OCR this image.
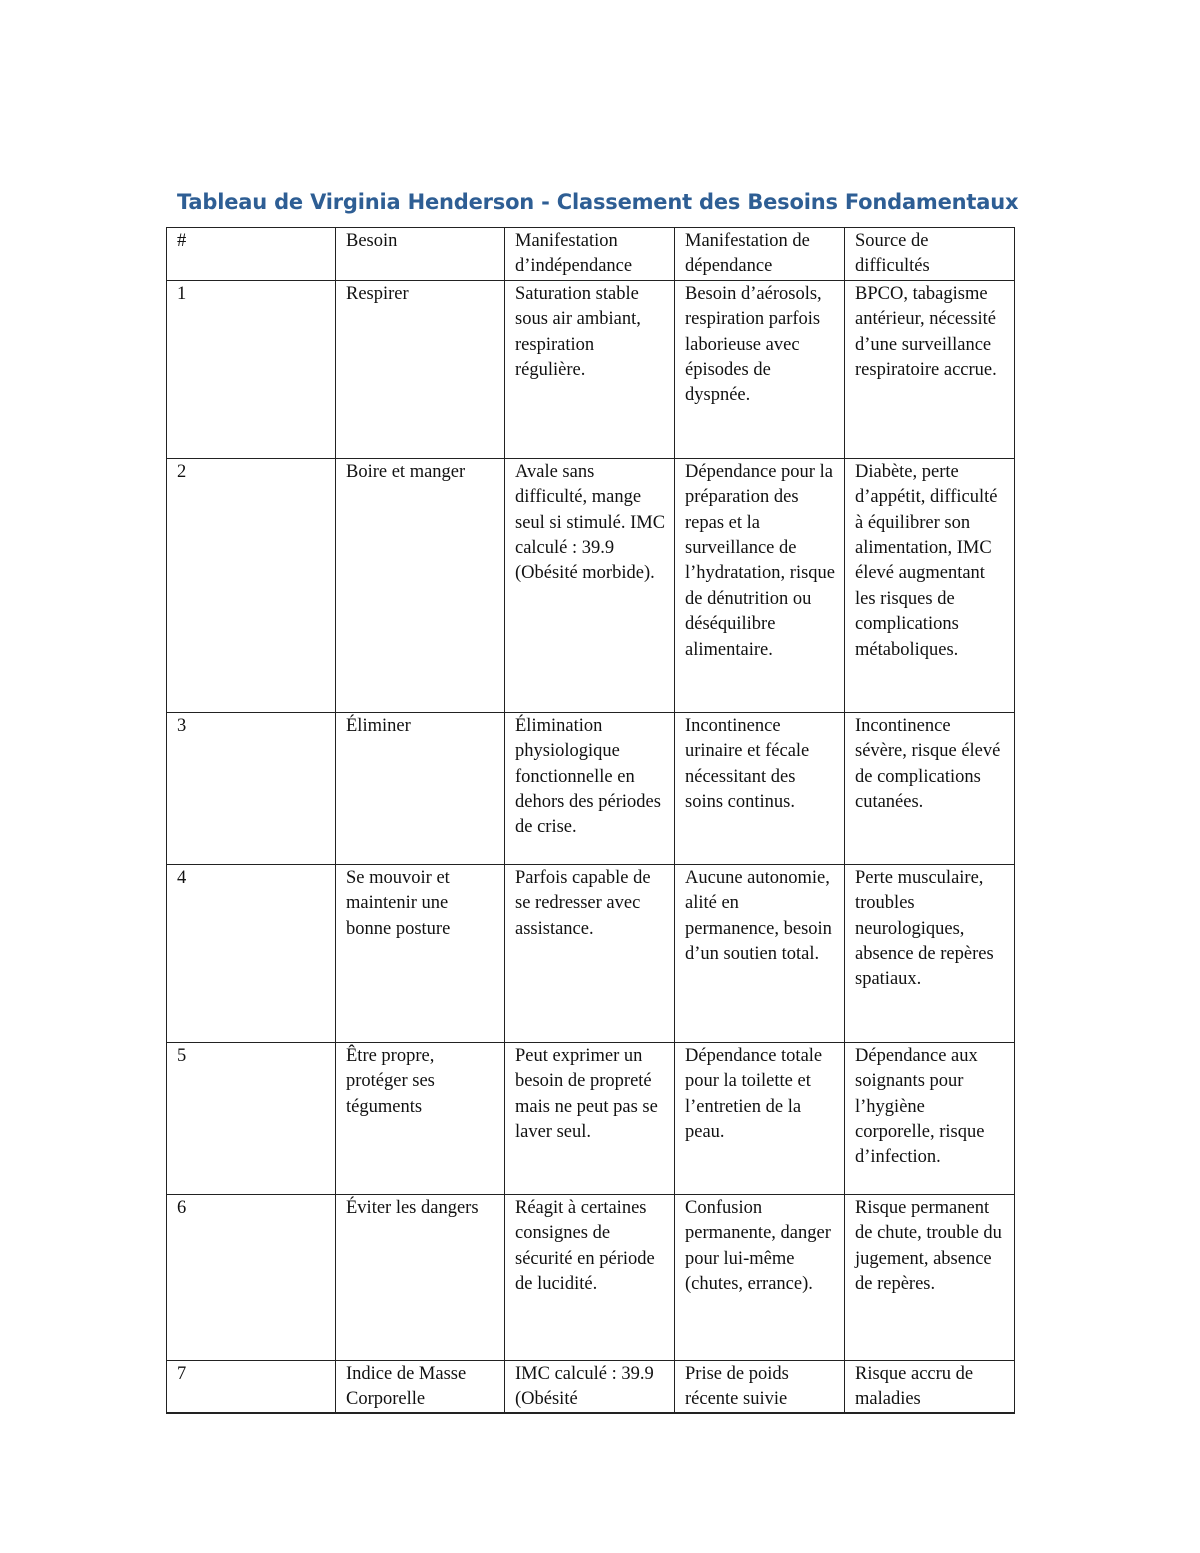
Tableau de Virginia Henderson - Classement des Besoins Fondamentaux
#	Besoin	Manifestation d’indépendance	Manifestation de dépendance	Source de difficultés
1	Respirer	Saturation stable sous air ambiant, respiration régulière.	Besoin d’aérosols, respiration parfois laborieuse avec épisodes de dyspnée.	BPCO, tabagisme antérieur, nécessité d’une surveillance respiratoire accrue.
2	Boire et manger	Avale sans difficulté, mange seul si stimulé. IMC calculé : 39.9 (Obésité morbide).	Dépendance pour la préparation des repas et la surveillance de l’hydratation, risque de dénutrition ou déséquilibre alimentaire.	Diabète, perte d’appétit, difficulté à équilibrer son alimentation, IMC élevé augmentant les risques de complications métaboliques.
3	Éliminer	Élimination physiologique fonctionnelle en dehors des périodes de crise.	Incontinence urinaire et fécale nécessitant des soins continus.	Incontinence sévère, risque élevé de complications cutanées.
4	Se mouvoir et maintenir une bonne posture	Parfois capable de se redresser avec assistance.	Aucune autonomie, alité en permanence, besoin d’un soutien total.	Perte musculaire, troubles neurologiques, absence de repères spatiaux.
5	Être propre, protéger ses téguments	Peut exprimer un besoin de propreté mais ne peut pas se laver seul.	Dépendance totale pour la toilette et l’entretien de la peau.	Dépendance aux soignants pour l’hygiène corporelle, risque d’infection.
6	Éviter les dangers	Réagit à certaines consignes de sécurité en période de lucidité.	Confusion permanente, danger pour lui-même (chutes, errance).	Risque permanent de chute, trouble du jugement, absence de repères.

7	Indice de Masse Corporelle	IMC calculé : 39.9 (Obésité	Prise de poids récente suivie	Risque accru de maladies
